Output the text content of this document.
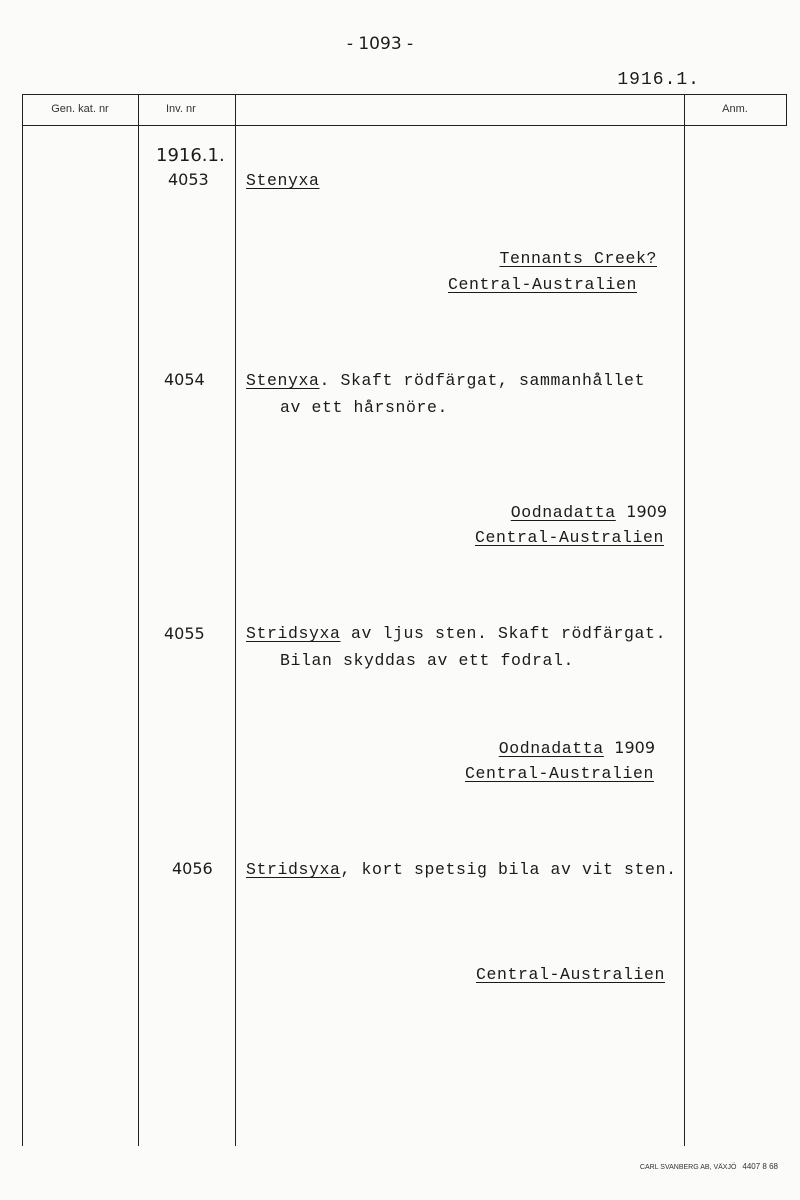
- 1093 -
1916.1.
Gen. kat. nr	Inv. nr	Anm.
1916.1.
4053 Stenyxa
Tennants Creek?
Central-Australien
4054	Stenyxa. Skaft rödfärgat, sammanhållet
av ett hårsnöre.
Oodnadatta 1909
Central-Australien
4055	Stridsyxa av ljus sten. Skaft rödfärgat.
Bilan skyddas av ett fodral.
Oodnadatta 1909
Central-Australien
4056 Stridsyxa, kort spetsig bila av vit sten.
Central-Australien
CARL SVANBERG AB, VÄXJÖ 4407 8 68
